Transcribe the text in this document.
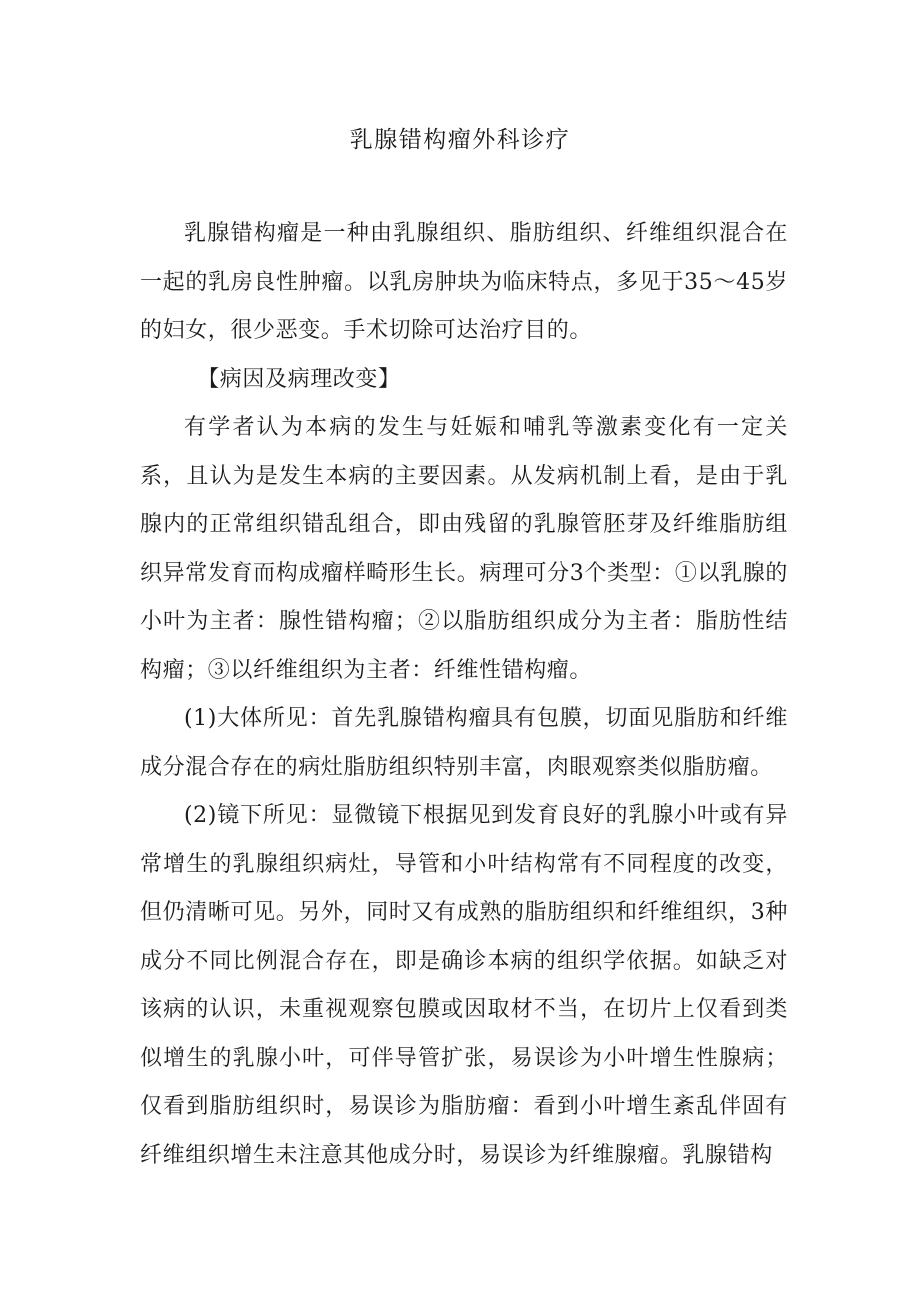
乳腺错构瘤外科诊疗

乳腺错构瘤是一种由乳腺组织、脂肪组织、纤维组织混合在一起的乳房良性肿瘤。以乳房肿块为临床特点，多见于35～45岁的妇女，很少恶变。手术切除可达治疗目的。

【病因及病理改变】

有学者认为本病的发生与妊娠和哺乳等激素变化有一定关系，且认为是发生本病的主要因素。从发病机制上看，是由于乳腺内的正常组织错乱组合，即由残留的乳腺管胚芽及纤维脂肪组织异常发育而构成瘤样畸形生长。病理可分3个类型：①以乳腺的小叶为主者：腺性错构瘤；②以脂肪组织成分为主者：脂肪性结构瘤；③以纤维组织为主者：纤维性错构瘤。

(1)大体所见：首先乳腺错构瘤具有包膜，切面见脂肪和纤维成分混合存在的病灶脂肪组织特别丰富，肉眼观察类似脂肪瘤。

(2)镜下所见：显微镜下根据见到发育良好的乳腺小叶或有异常增生的乳腺组织病灶，导管和小叶结构常有不同程度的改变，但仍清晰可见。另外，同时又有成熟的脂肪组织和纤维组织，3种成分不同比例混合存在，即是确诊本病的组织学依据。如缺乏对该病的认识，未重视观察包膜或因取材不当，在切片上仅看到类似增生的乳腺小叶，可伴导管扩张，易误诊为小叶增生性腺病；仅看到脂肪组织时，易误诊为脂肪瘤：看到小叶增生紊乱伴固有纤维组织增生未注意其他成分时，易误诊为纤维腺瘤。乳腺错构
